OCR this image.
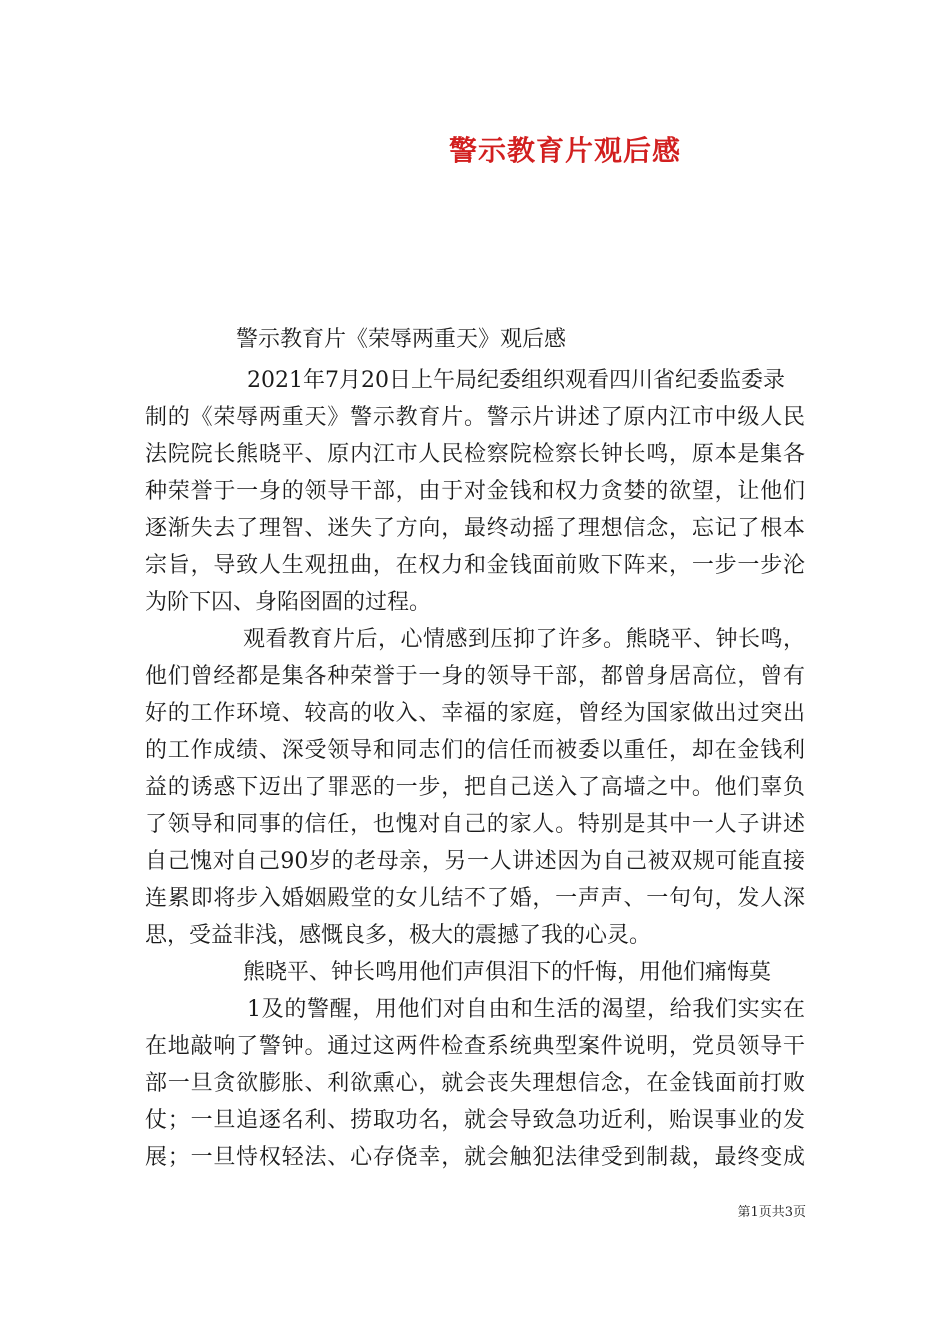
警示教育片观后感
警示教育片《荣辱两重天》观后感
2021年7月20日上午局纪委组织观看四川省纪委监委录
制的《荣辱两重天》警示教育片。警示片讲述了原内江市中级人民
法院院长熊晓平、原内江市人民检察院检察长钟长鸣，原本是集各
种荣誉于一身的领导干部，由于对金钱和权力贪婪的欲望，让他们
逐渐失去了理智、迷失了方向，最终动摇了理想信念，忘记了根本
宗旨，导致人生观扭曲，在权力和金钱面前败下阵来，一步一步沦
为阶下囚、身陷囹圄的过程。
观看教育片后，心情感到压抑了许多。熊晓平、钟长鸣，
他们曾经都是集各种荣誉于一身的领导干部，都曾身居高位，曾有
好的工作环境、较高的收入、幸福的家庭，曾经为国家做出过突出
的工作成绩、深受领导和同志们的信任而被委以重任，却在金钱利
益的诱惑下迈出了罪恶的一步，把自己送入了高墙之中。他们辜负
了领导和同事的信任，也愧对自己的家人。特别是其中一人子讲述
自己愧对自己90岁的老母亲，另一人讲述因为自己被双规可能直接
连累即将步入婚姻殿堂的女儿结不了婚，一声声、一句句，发人深
思，受益非浅，感慨良多，极大的震撼了我的心灵。
熊晓平、钟长鸣用他们声俱泪下的忏悔，用他们痛悔莫
1及的警醒，用他们对自由和生活的渴望，给我们实实在
在地敲响了警钟。通过这两件检查系统典型案件说明，党员领导干
部一旦贪欲膨胀、利欲熏心，就会丧失理想信念，在金钱面前打败
仗；一旦追逐名利、捞取功名，就会导致急功近利，贻误事业的发
展；一旦恃权轻法、心存侥幸，就会触犯法律受到制裁，最终变成
第1页共3页
